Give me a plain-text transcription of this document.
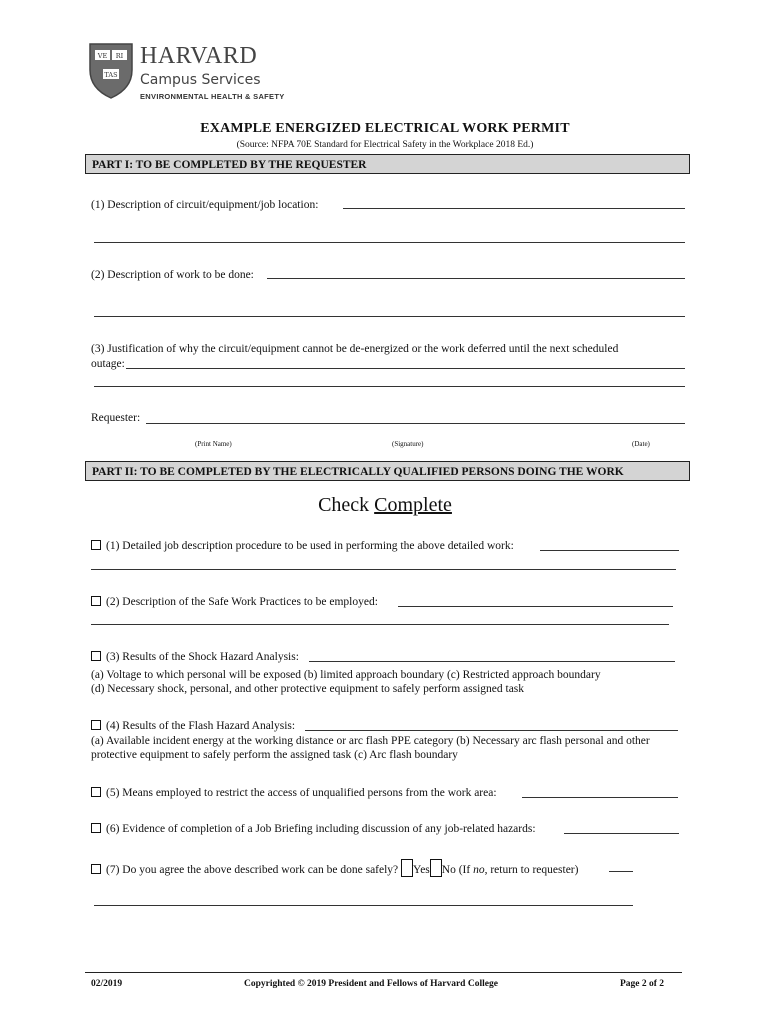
VE RI
TAS
HARVARD
Campus Services
ENVIRONMENTAL HEALTH & SAFETY
EXAMPLE ENERGIZED ELECTRICAL WORK PERMIT
(Source: NFPA 70E Standard for Electrical Safety in the Workplace 2018 Ed.)
PART I: TO BE COMPLETED BY THE REQUESTER
(1) Description of circuit/equipment/job location:
(2) Description of work to be done:
(3) Justification of why the circuit/equipment cannot be de-energized or the work deferred until the next scheduled
outage:
Requester:
(Print Name)	(Signature)	(Date)
PART II: TO BE COMPLETED BY THE ELECTRICALLY QUALIFIED PERSONS DOING THE WORK
Check Complete
(1) Detailed job description procedure to be used in performing the above detailed work:
(2) Description of the Safe Work Practices to be employed:
(3) Results of the Shock Hazard Analysis:
(a) Voltage to which personal will be exposed (b) limited approach boundary (c) Restricted approach boundary
(d) Necessary shock, personal, and other protective equipment to safely perform assigned task
(4) Results of the Flash Hazard Analysis:
(a) Available incident energy at the working distance or arc flash PPE category (b) Necessary arc flash personal and other
protective equipment to safely perform the assigned task (c) Arc flash boundary
(5) Means employed to restrict the access of unqualified persons from the work area:
(6) Evidence of completion of a Job Briefing including discussion of any job-related hazards:
(7) Do you agree the above described work can be done safely? Yes No (If no, return to requester)
02/2019	Copyrighted © 2019 President and Fellows of Harvard College	Page 2 of 2
